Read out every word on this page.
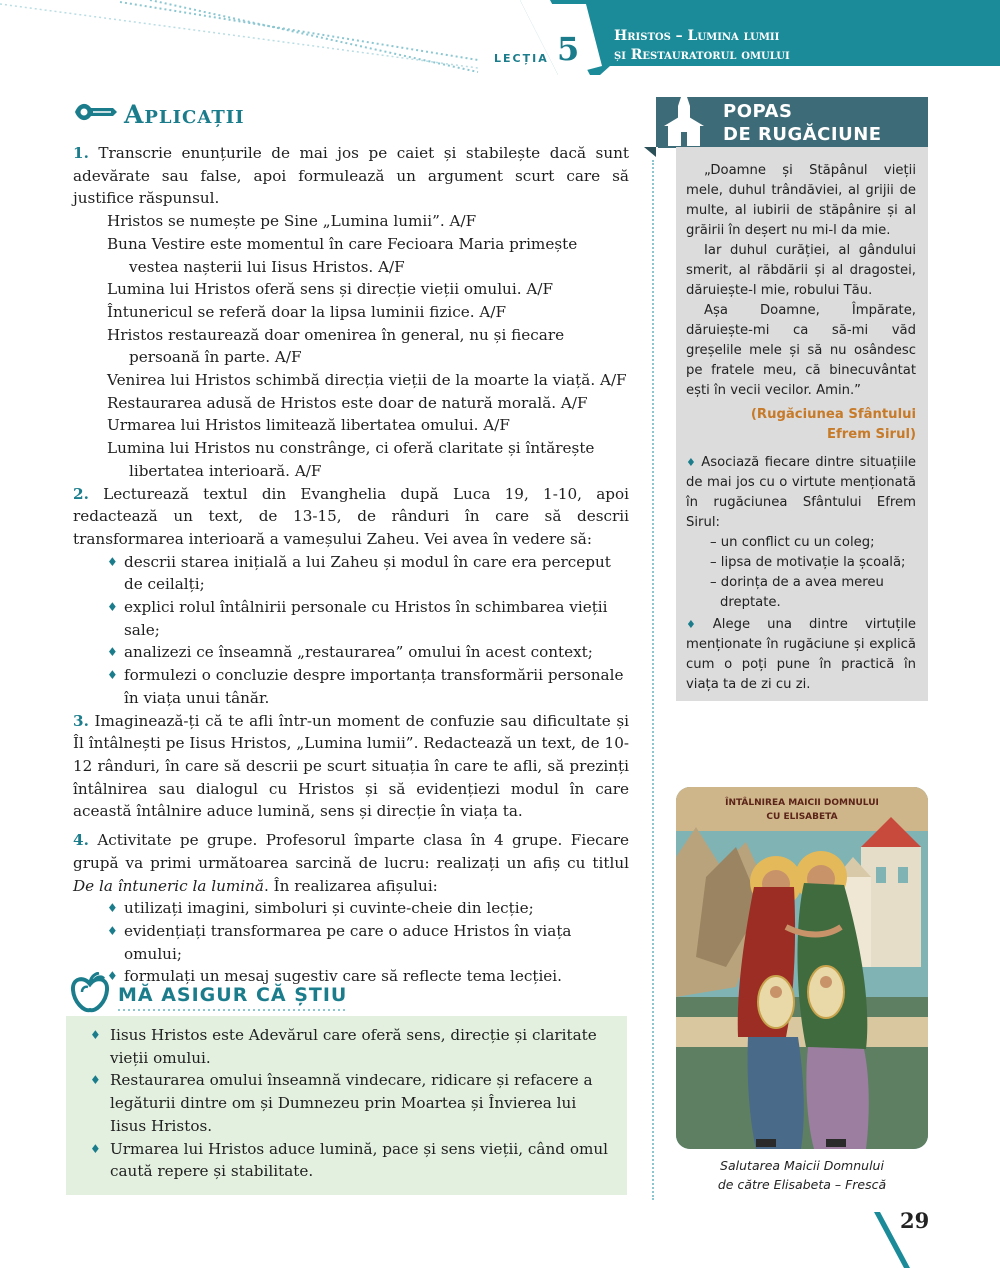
LECȚIA 5 Hristos – Lumina lumii
și Restauratorul omului
Aplicații

1. Transcrie enunțurile de mai jos pe caiet și stabilește dacă sunt adevărate sau false, apoi formulează un argument scurt care să justifice răspunsul.

Hristos se numește pe Sine „Lumina lumii”. A/F
Buna Vestire este momentul în care Fecioara Maria primește vestea nașterii lui Iisus Hristos. A/F
Lumina lui Hristos oferă sens și direcție vieții omului. A/F
Întunericul se referă doar la lipsa luminii fizice. A/F
Hristos restaurează doar omenirea în general, nu și fiecare persoană în parte. A/F
Venirea lui Hristos schimbă direcția vieții de la moarte la viață. A/F
Restaurarea adusă de Hristos este doar de natură morală. A/F
Urmarea lui Hristos limitează libertatea omului. A/F
Lumina lui Hristos nu constrânge, ci oferă claritate și întărește libertatea interioară. A/F

2. Lecturează textul din Evanghelia după Luca 19, 1-10, apoi redactează un text, de 13-15, de rânduri în care să descrii transformarea interioară a vameșului Zaheu. Vei avea în vedere să:

♦ descrii starea inițială a lui Zaheu și modul în care era perceput de ceilalți;
♦ explici rolul întâlnirii personale cu Hristos în schimbarea vieții sale;
♦ analizezi ce înseamnă „restaurarea” omului în acest context;
♦ formulezi o concluzie despre importanța transformării personale în viața unui tânăr.

3. Imaginează-ți că te afli într-un moment de confuzie sau dificultate și Îl întâlnești pe Iisus Hristos, „Lumina lumii”. Redactează un text, de 10-12 rânduri, în care să descrii pe scurt situația în care te afli, să prezinți întâlnirea sau dialogul cu Hristos și să evidențiezi modul în care această întâlnire aduce lumină, sens și direcție în viața ta.

4. Activitate pe grupe. Profesorul împarte clasa în 4 grupe. Fiecare grupă va primi următoarea sarcină de lucru: realizați un afiș cu titlul De la întuneric la lumină. În realizarea afișului:

♦ utilizați imagini, simboluri și cuvinte-cheie din lecție;
♦ evidențiați transformarea pe care o aduce Hristos în viața omului;
♦ formulați un mesaj sugestiv care să reflecte tema lecției.
MĂ ASIGUR CĂ ȘTIU
♦ Iisus Hristos este Adevărul care oferă sens, direcție și claritate vieții omului.
♦ Restaurarea omului înseamnă vindecare, ridicare și refacere a legăturii dintre om și Dumnezeu prin Moartea și Învierea lui Iisus Hristos.
♦ Urmarea lui Hristos aduce lumină, pace și sens vieții, când omul caută repere și stabilitate.
POPAS
DE RUGĂCIUNE

„Doamne și Stăpânul vieții mele, duhul trândăviei, al grijii de multe, al iubirii de stăpânire și al grăirii în deșert nu mi-l da mie.

Iar duhul curăției, al gândului smerit, al răbdării și al dragostei, dăruiește-l mie, robului Tău.

Așa Doamne, Împărate, dăruiește-mi ca să-mi văd greșelile mele și să nu osândesc pe fratele meu, că binecuvântat ești în vecii vecilor. Amin.”

(Rugăciunea Sfântului
Efrem Sirul)

♦ Asociază fiecare dintre situațiile de mai jos cu o virtute menționată în rugăciunea Sfântului Efrem Sirul:

– un conflict cu un coleg;
– lipsa de motivație la școală;
– dorința de a avea mereu dreptate.

♦ Alege una dintre virtuțile menționate în rugăciune și explică cum o poți pune în practică în viața ta de zi cu zi.

ÎNTÂLNIREA MAICII DOMNULUI
CU ELISABETA
Salutarea Maicii Domnului
de către Elisabeta – Frescă
29
